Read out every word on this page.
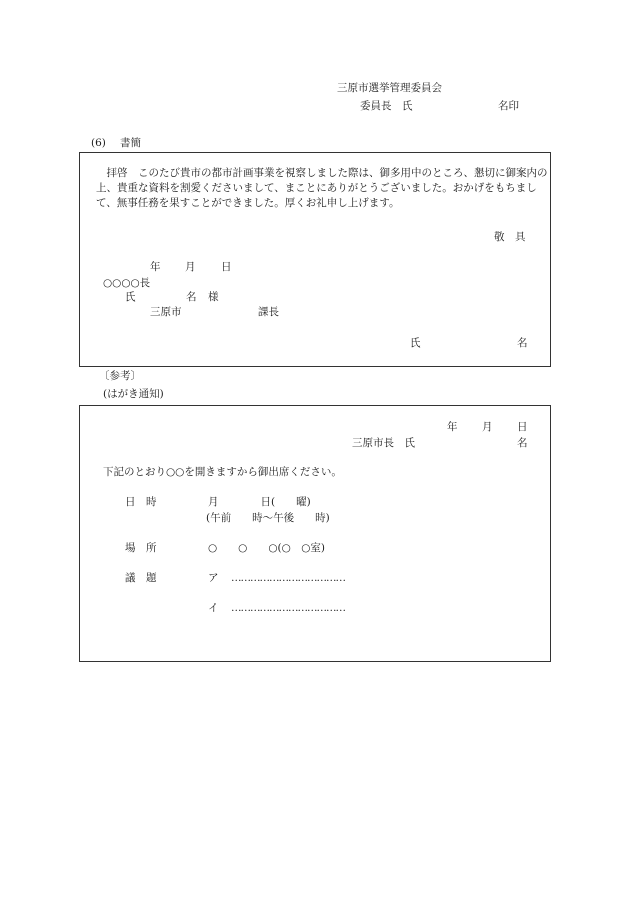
三原市選挙管理委員会
委員長　氏	名印
(6) 書簡
　拝啓　このたび貴市の都市計画事業を視察しました際は、御多用中のところ、懇切に御案内の上、貴重な資料を割愛くださいまして、まことにありがとうございました。おかげをもちまして、無事任務を果すことができました。厚くお礼申し上げます。
敬　具
年 月 日
○○○○長
氏	名 様
三原市	課長
氏	名
〔参考〕
(はがき通知)
年 月 日
三原市長　氏	名
下記のとおり○○を開きますから御出席ください。
日　時	月　　　　日(　　曜)
(午前　　時～午後　　時)
場　所	○　　○　　○(○　○室)
議　題	ア ………………………………
イ ………………………………
